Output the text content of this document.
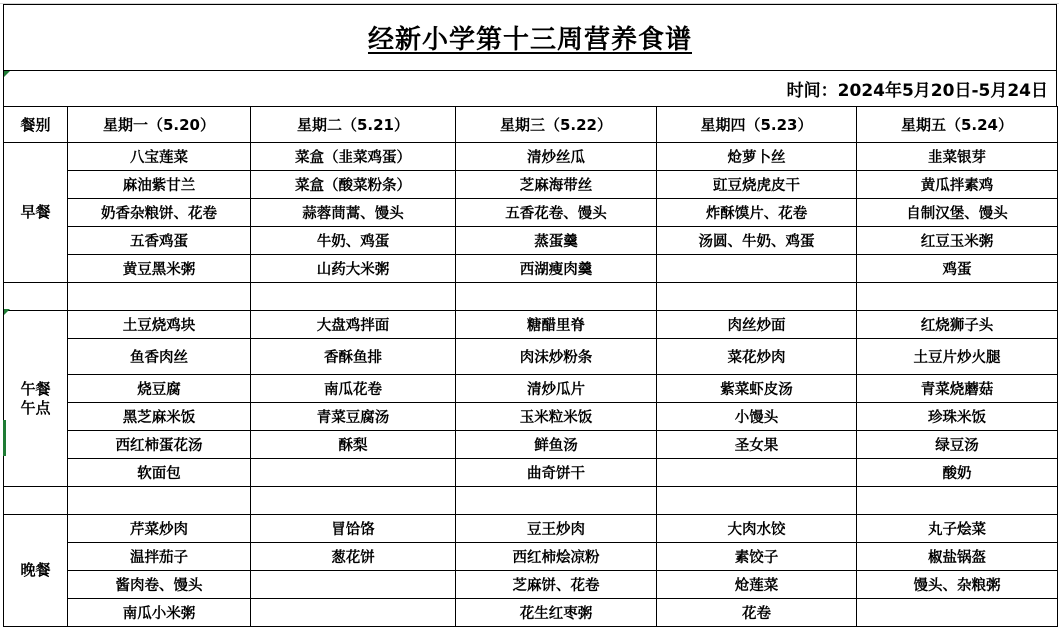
经新小学第十三周营养食谱
时间：2024年5月20日-5月24日
餐别	星期一（5.20）	星期二（5.21）	星期三（5.22）	星期四（5.23）	星期五（5.24）
早餐	八宝莲菜	菜盒（韭菜鸡蛋）	清炒丝瓜	炝萝卜丝	韭菜银芽
	麻油紫甘兰	菜盒（酸菜粉条）	芝麻海带丝	豇豆烧虎皮干	黄瓜拌素鸡
	奶香杂粮饼、花卷	蒜蓉茼蒿、馒头	五香花卷、馒头	炸酥馍片、花卷	自制汉堡、馒头
	五香鸡蛋	牛奶、鸡蛋	蒸蛋羹	汤圆、牛奶、鸡蛋	红豆玉米粥
	黄豆黑米粥	山药大米粥	西湖瘦肉羹		鸡蛋

午餐午点	土豆烧鸡块	大盘鸡拌面	糖醋里脊	肉丝炒面	红烧狮子头
	鱼香肉丝	香酥鱼排	肉沫炒粉条	菜花炒肉	土豆片炒火腿
	烧豆腐	南瓜花卷	清炒瓜片	紫菜虾皮汤	青菜烧蘑菇
	黑芝麻米饭	青菜豆腐汤	玉米粒米饭	小馒头	珍珠米饭
	西红柿蛋花汤	酥梨	鲜鱼汤	圣女果	绿豆汤
	软面包		曲奇饼干		酸奶

晚餐	芹菜炒肉	冒饸饹	豆王炒肉	大肉水饺	丸子烩菜
	温拌茄子	葱花饼	西红柿烩凉粉	素饺子	椒盐锅盔
	酱肉卷、馒头		芝麻饼、花卷	炝莲菜	馒头、杂粮粥
	南瓜小米粥		花生红枣粥	花卷	
